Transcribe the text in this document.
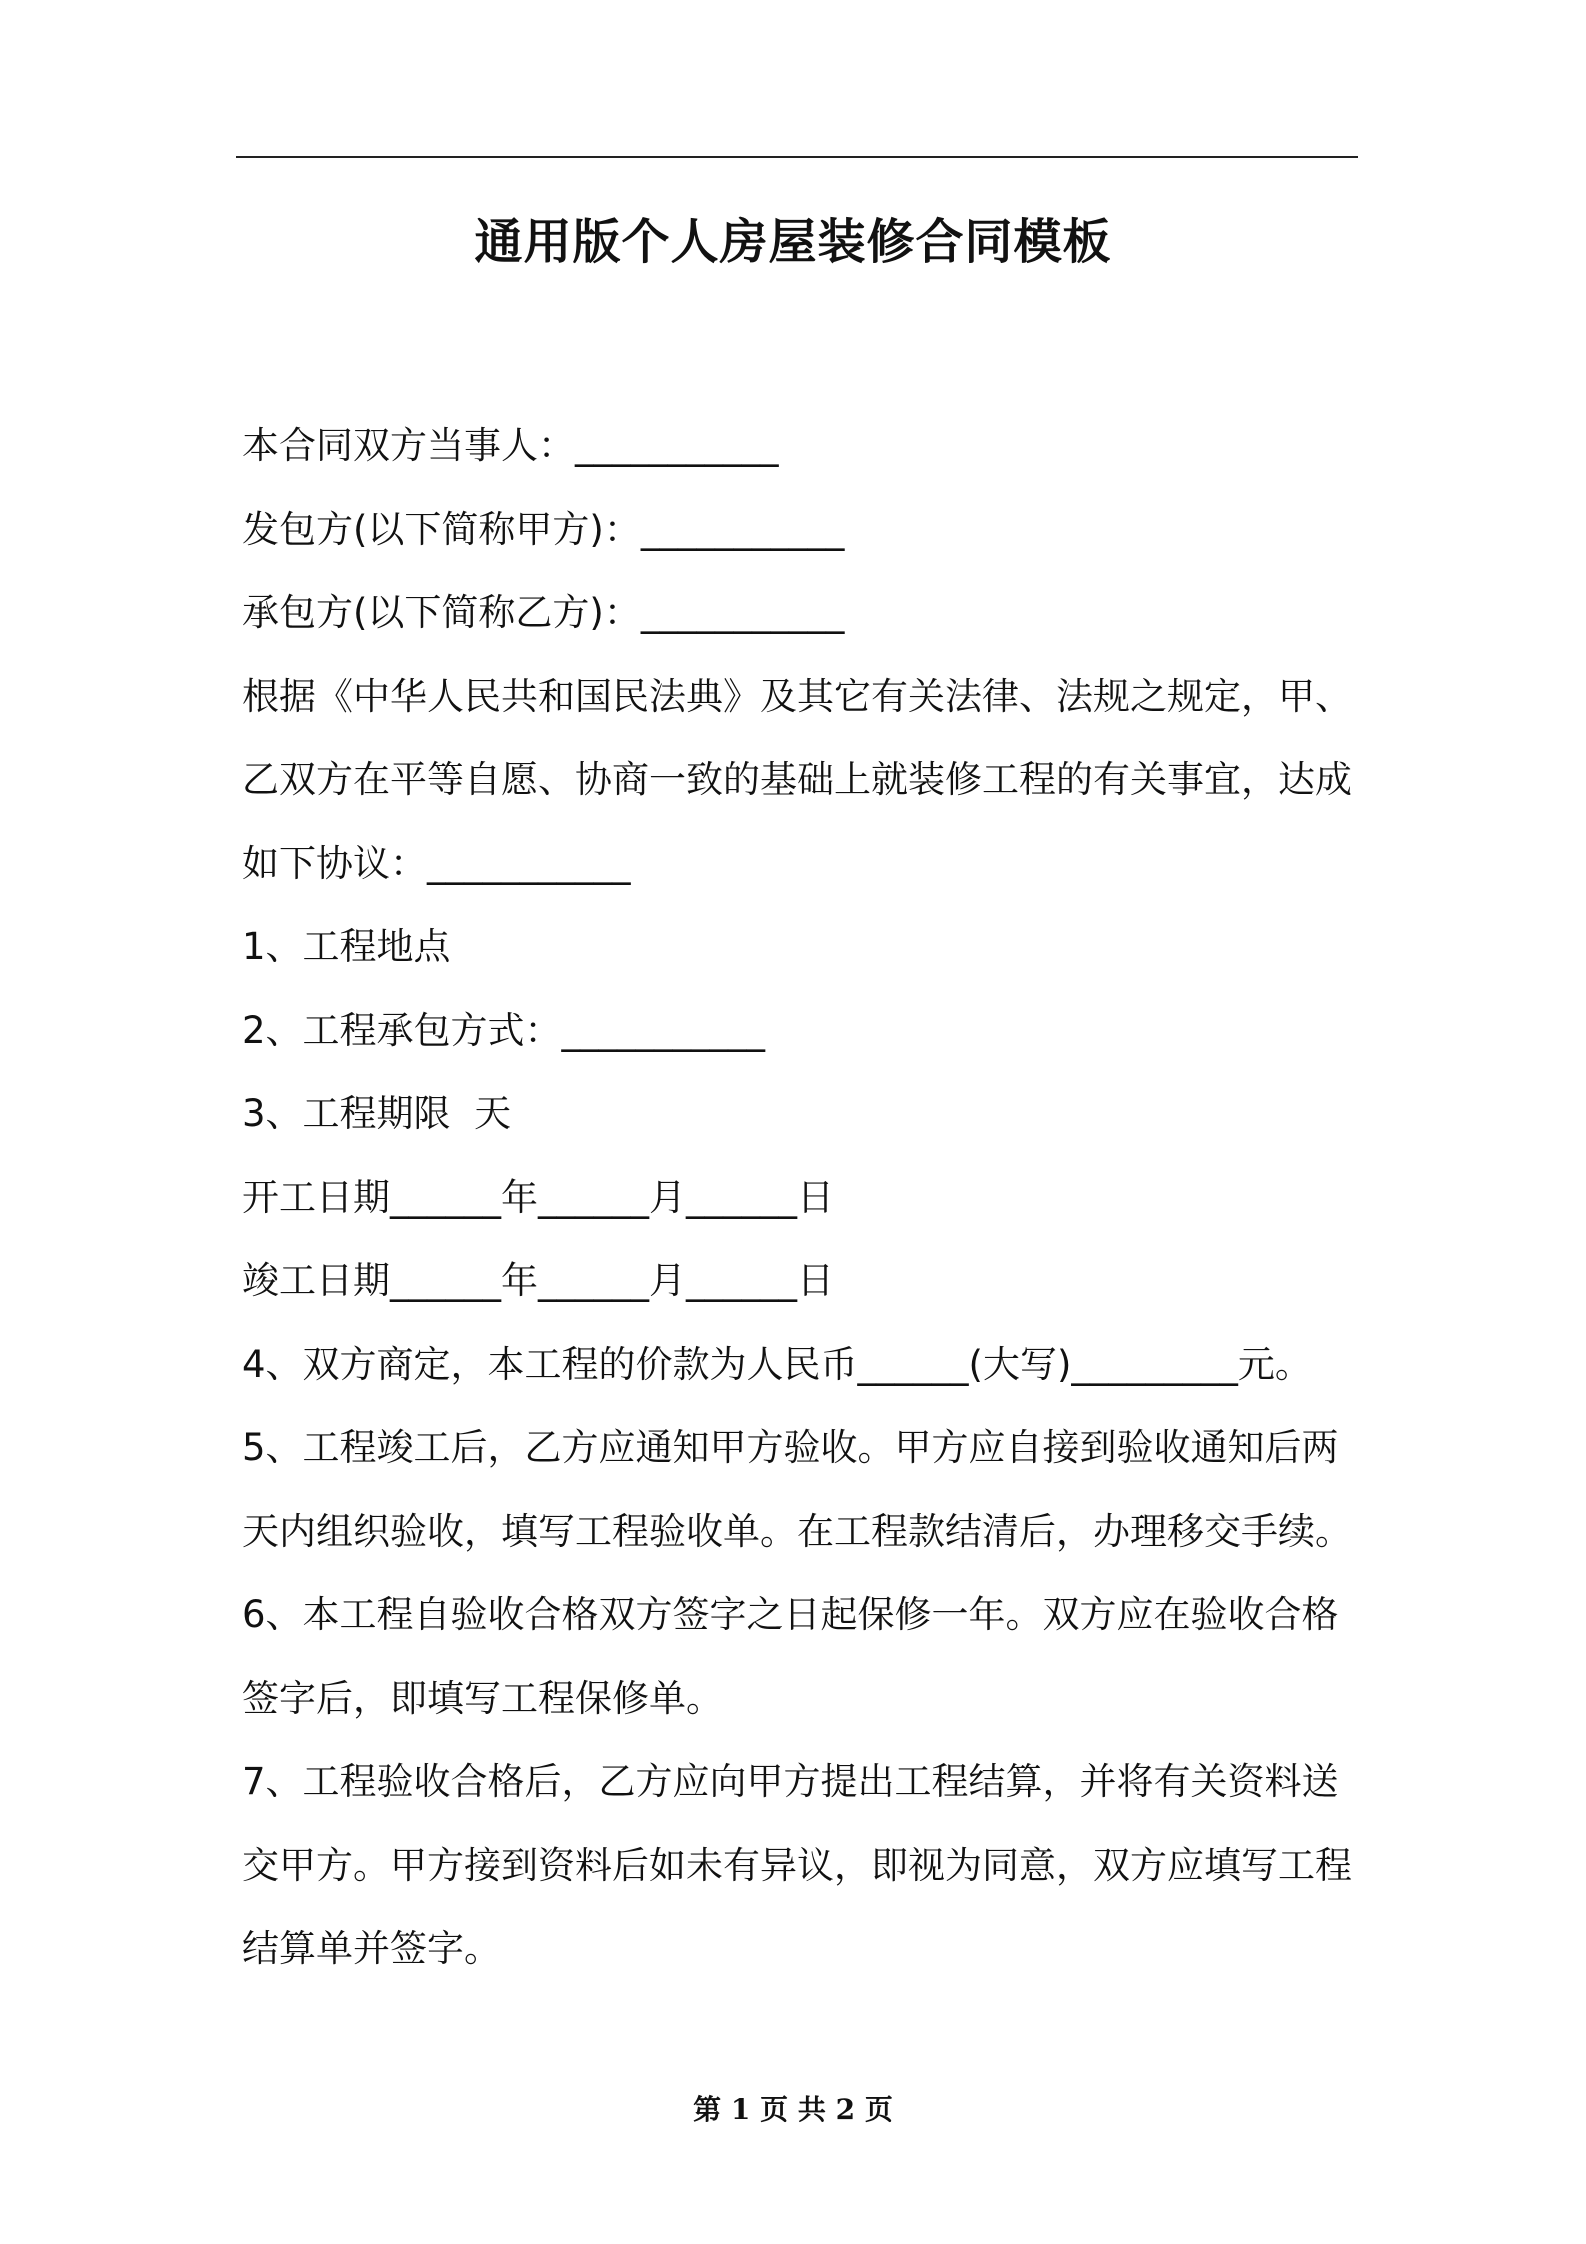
通用版个人房屋装修合同模板
本合同双方当事人：___________
发包方(以下简称甲方)：___________
承包方(以下简称乙方)：___________
根据《中华人民共和国民法典》及其它有关法律、法规之规定，甲、
乙双方在平等自愿、协商一致的基础上就装修工程的有关事宜，达成
如下协议：___________
1、工程地点
2、工程承包方式：___________
3、工程期限  天
开工日期______年______月______日
竣工日期______年______月______日
4、双方商定，本工程的价款为人民币______(大写)_________元。
5、工程竣工后，乙方应通知甲方验收。甲方应自接到验收通知后两
天内组织验收，填写工程验收单。在工程款结清后，办理移交手续。
6、本工程自验收合格双方签字之日起保修一年。双方应在验收合格
签字后，即填写工程保修单。
7、工程验收合格后，乙方应向甲方提出工程结算，并将有关资料送
交甲方。甲方接到资料后如未有异议，即视为同意，双方应填写工程
结算单并签字。
第 1 页 共 2 页
